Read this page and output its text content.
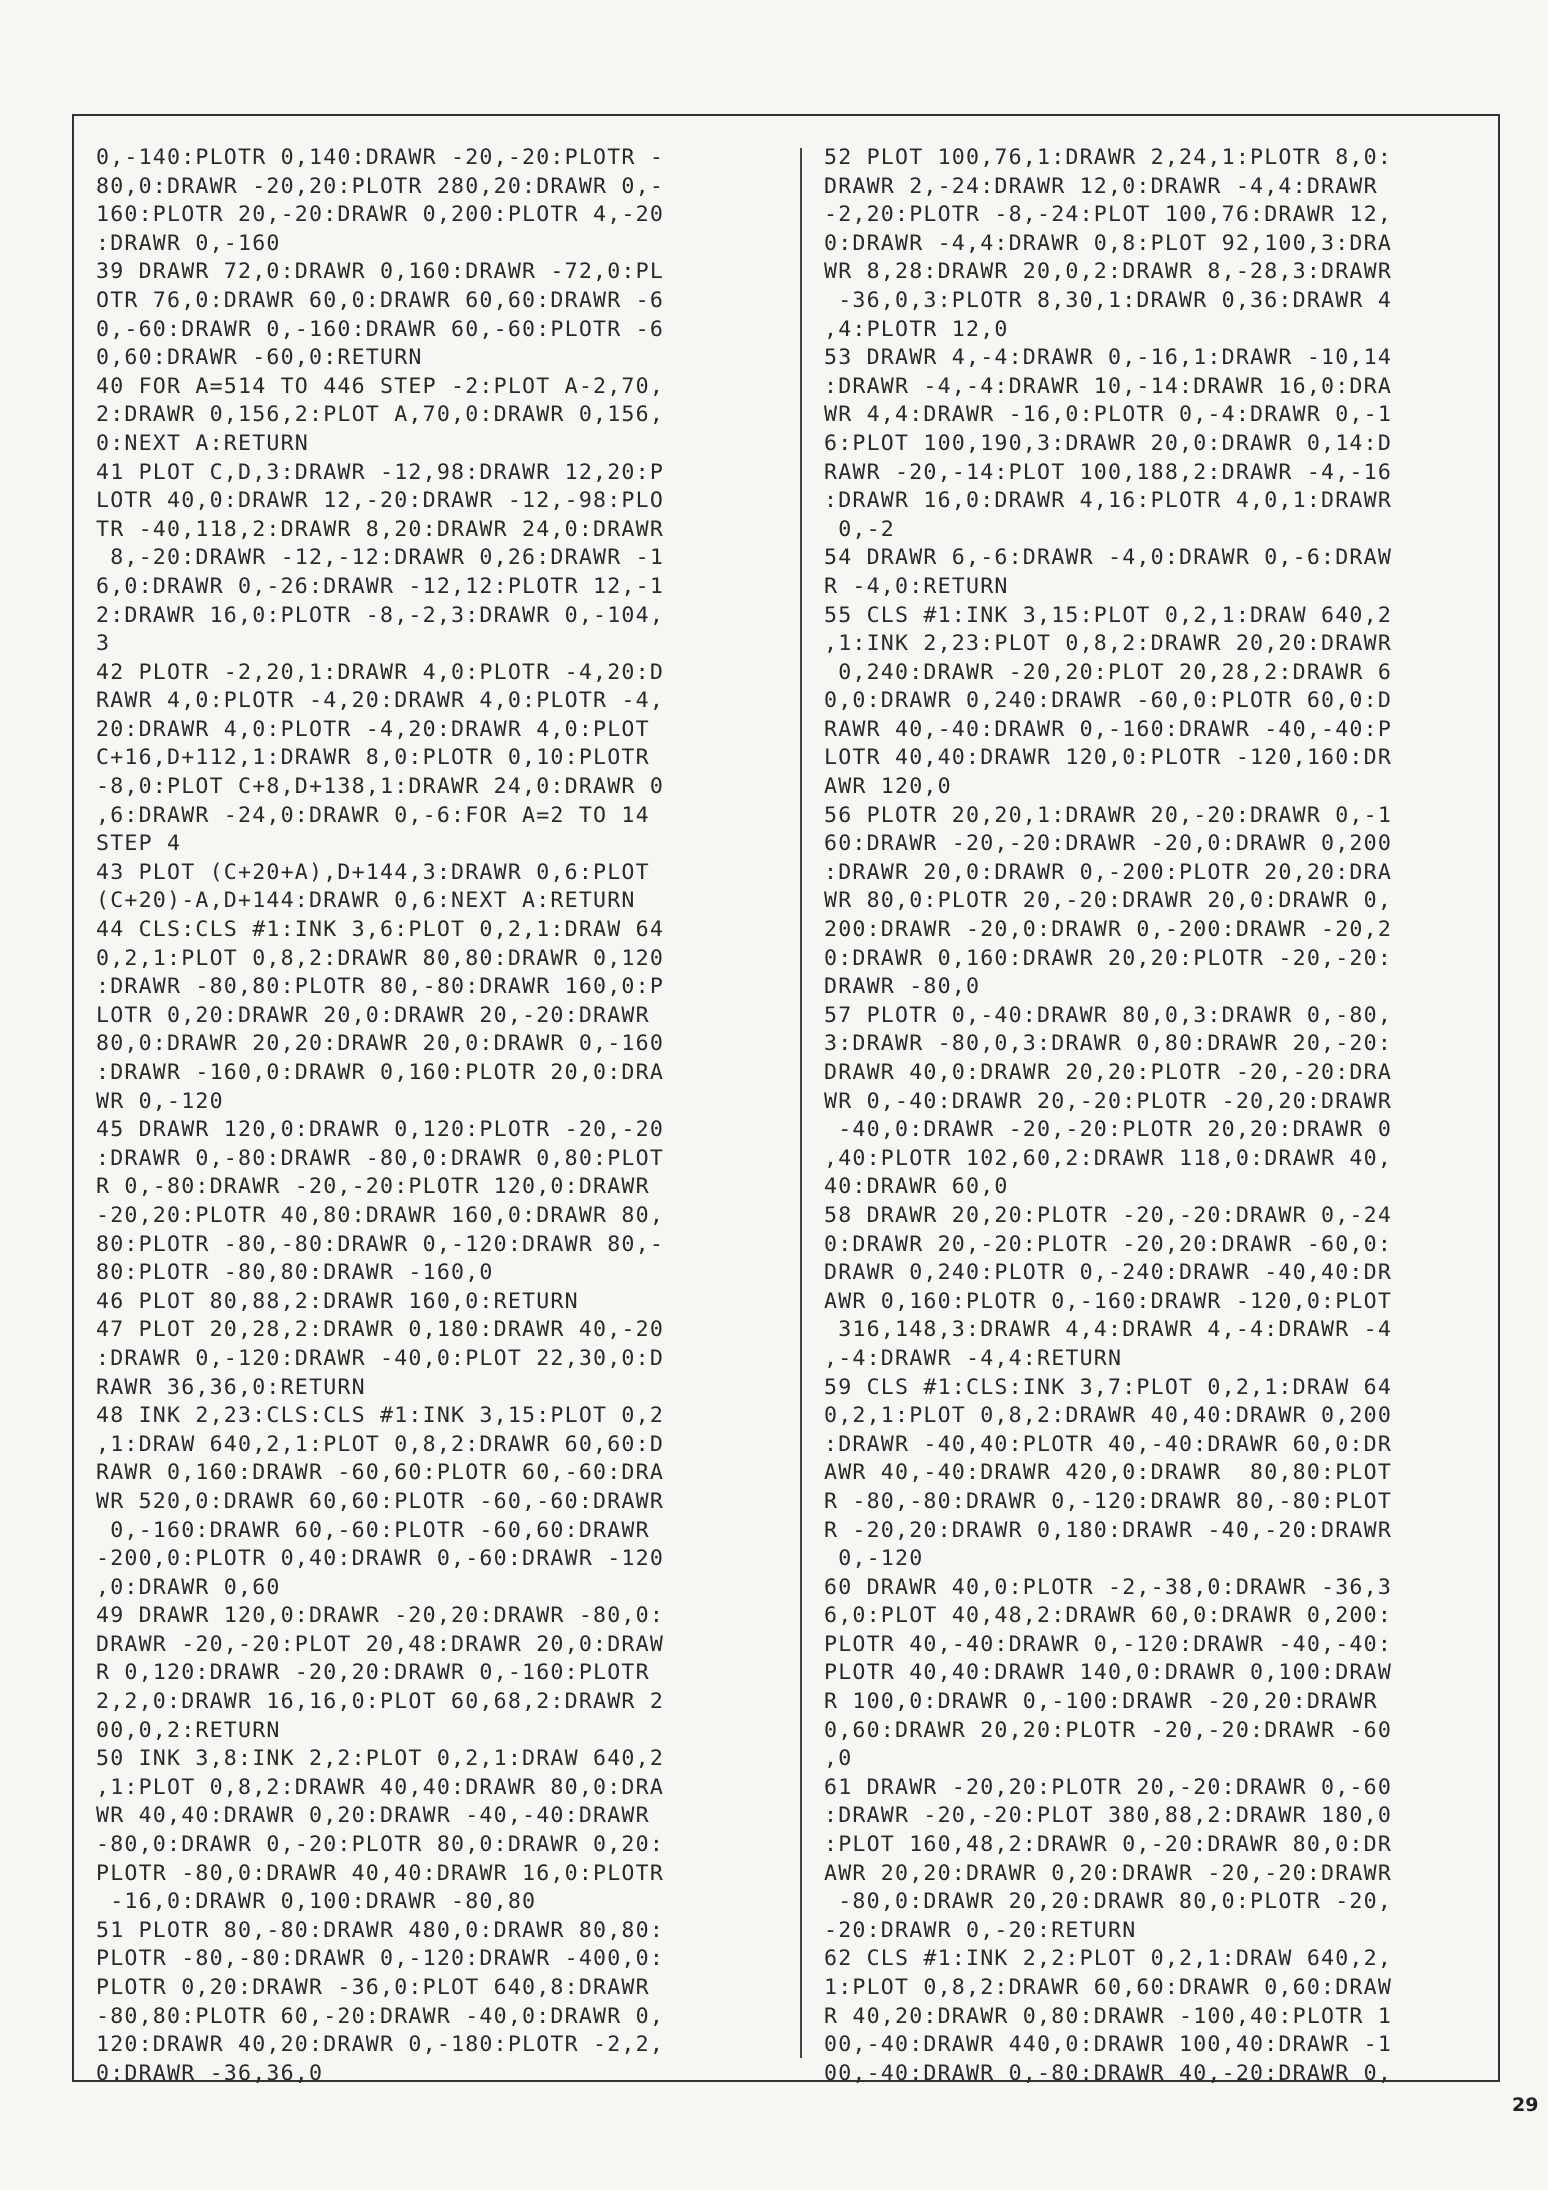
0,-140:PLOTR 0,140:DRAWR -20,-20:PLOTR -
80,0:DRAWR -20,20:PLOTR 280,20:DRAWR 0,-
160:PLOTR 20,-20:DRAWR 0,200:PLOTR 4,-20
:DRAWR 0,-160
39 DRAWR 72,0:DRAWR 0,160:DRAWR -72,0:PL
OTR 76,0:DRAWR 60,0:DRAWR 60,60:DRAWR -6
0,-60:DRAWR 0,-160:DRAWR 60,-60:PLOTR -6
0,60:DRAWR -60,0:RETURN
40 FOR A=514 TO 446 STEP -2:PLOT A-2,70,
2:DRAWR 0,156,2:PLOT A,70,0:DRAWR 0,156,
0:NEXT A:RETURN
41 PLOT C,D,3:DRAWR -12,98:DRAWR 12,20:P
LOTR 40,0:DRAWR 12,-20:DRAWR -12,-98:PLO
TR -40,118,2:DRAWR 8,20:DRAWR 24,0:DRAWR
8,-20:DRAWR -12,-12:DRAWR 0,26:DRAWR -1
6,0:DRAWR 0,-26:DRAWR -12,12:PLOTR 12,-1
2:DRAWR 16,0:PLOTR -8,-2,3:DRAWR 0,-104,
3
42 PLOTR -2,20,1:DRAWR 4,0:PLOTR -4,20:D
RAWR 4,0:PLOTR -4,20:DRAWR 4,0:PLOTR -4,
20:DRAWR 4,0:PLOTR -4,20:DRAWR 4,0:PLOT
C+16,D+112,1:DRAWR 8,0:PLOTR 0,10:PLOTR
-8,0:PLOT C+8,D+138,1:DRAWR 24,0:DRAWR 0
,6:DRAWR -24,0:DRAWR 0,-6:FOR A=2 TO 14
STEP 4
43 PLOT (C+20+A),D+144,3:DRAWR 0,6:PLOT
(C+20)-A,D+144:DRAWR 0,6:NEXT A:RETURN
44 CLS:CLS #1:INK 3,6:PLOT 0,2,1:DRAW 64
0,2,1:PLOT 0,8,2:DRAWR 80,80:DRAWR 0,120
:DRAWR -80,80:PLOTR 80,-80:DRAWR 160,0:P
LOTR 0,20:DRAWR 20,0:DRAWR 20,-20:DRAWR
80,0:DRAWR 20,20:DRAWR 20,0:DRAWR 0,-160
:DRAWR -160,0:DRAWR 0,160:PLOTR 20,0:DRA
WR 0,-120
45 DRAWR 120,0:DRAWR 0,120:PLOTR -20,-20
:DRAWR 0,-80:DRAWR -80,0:DRAWR 0,80:PLOT
R 0,-80:DRAWR -20,-20:PLOTR 120,0:DRAWR
-20,20:PLOTR 40,80:DRAWR 160,0:DRAWR 80,
80:PLOTR -80,-80:DRAWR 0,-120:DRAWR 80,-
80:PLOTR -80,80:DRAWR -160,0
46 PLOT 80,88,2:DRAWR 160,0:RETURN
47 PLOT 20,28,2:DRAWR 0,180:DRAWR 40,-20
:DRAWR 0,-120:DRAWR -40,0:PLOT 22,30,0:D
RAWR 36,36,0:RETURN
48 INK 2,23:CLS:CLS #1:INK 3,15:PLOT 0,2
,1:DRAW 640,2,1:PLOT 0,8,2:DRAWR 60,60:D
RAWR 0,160:DRAWR -60,60:PLOTR 60,-60:DRA
WR 520,0:DRAWR 60,60:PLOTR -60,-60:DRAWR
0,-160:DRAWR 60,-60:PLOTR -60,60:DRAWR
-200,0:PLOTR 0,40:DRAWR 0,-60:DRAWR -120
,0:DRAWR 0,60
49 DRAWR 120,0:DRAWR -20,20:DRAWR -80,0:
DRAWR -20,-20:PLOT 20,48:DRAWR 20,0:DRAW
R 0,120:DRAWR -20,20:DRAWR 0,-160:PLOTR
2,2,0:DRAWR 16,16,0:PLOT 60,68,2:DRAWR 2
00,0,2:RETURN
50 INK 3,8:INK 2,2:PLOT 0,2,1:DRAW 640,2
,1:PLOT 0,8,2:DRAWR 40,40:DRAWR 80,0:DRA
WR 40,40:DRAWR 0,20:DRAWR -40,-40:DRAWR
-80,0:DRAWR 0,-20:PLOTR 80,0:DRAWR 0,20:
PLOTR -80,0:DRAWR 40,40:DRAWR 16,0:PLOTR
-16,0:DRAWR 0,100:DRAWR -80,80
51 PLOTR 80,-80:DRAWR 480,0:DRAWR 80,80:
PLOTR -80,-80:DRAWR 0,-120:DRAWR -400,0:
PLOTR 0,20:DRAWR -36,0:PLOT 640,8:DRAWR
-80,80:PLOTR 60,-20:DRAWR -40,0:DRAWR 0,
120:DRAWR 40,20:DRAWR 0,-180:PLOTR -2,2,
0:DRAWR -36,36,0
52 PLOT 100,76,1:DRAWR 2,24,1:PLOTR 8,0:
DRAWR 2,-24:DRAWR 12,0:DRAWR -4,4:DRAWR
-2,20:PLOTR -8,-24:PLOT 100,76:DRAWR 12,
0:DRAWR -4,4:DRAWR 0,8:PLOT 92,100,3:DRA
WR 8,28:DRAWR 20,0,2:DRAWR 8,-28,3:DRAWR
-36,0,3:PLOTR 8,30,1:DRAWR 0,36:DRAWR 4
,4:PLOTR 12,0
53 DRAWR 4,-4:DRAWR 0,-16,1:DRAWR -10,14
:DRAWR -4,-4:DRAWR 10,-14:DRAWR 16,0:DRA
WR 4,4:DRAWR -16,0:PLOTR 0,-4:DRAWR 0,-1
6:PLOT 100,190,3:DRAWR 20,0:DRAWR 0,14:D
RAWR -20,-14:PLOT 100,188,2:DRAWR -4,-16
:DRAWR 16,0:DRAWR 4,16:PLOTR 4,0,1:DRAWR
0,-2
54 DRAWR 6,-6:DRAWR -4,0:DRAWR 0,-6:DRAW
R -4,0:RETURN
55 CLS #1:INK 3,15:PLOT 0,2,1:DRAW 640,2
,1:INK 2,23:PLOT 0,8,2:DRAWR 20,20:DRAWR
0,240:DRAWR -20,20:PLOT 20,28,2:DRAWR 6
0,0:DRAWR 0,240:DRAWR -60,0:PLOTR 60,0:D
RAWR 40,-40:DRAWR 0,-160:DRAWR -40,-40:P
LOTR 40,40:DRAWR 120,0:PLOTR -120,160:DR
AWR 120,0
56 PLOTR 20,20,1:DRAWR 20,-20:DRAWR 0,-1
60:DRAWR -20,-20:DRAWR -20,0:DRAWR 0,200
:DRAWR 20,0:DRAWR 0,-200:PLOTR 20,20:DRA
WR 80,0:PLOTR 20,-20:DRAWR 20,0:DRAWR 0,
200:DRAWR -20,0:DRAWR 0,-200:DRAWR -20,2
0:DRAWR 0,160:DRAWR 20,20:PLOTR -20,-20:
DRAWR -80,0
57 PLOTR 0,-40:DRAWR 80,0,3:DRAWR 0,-80,
3:DRAWR -80,0,3:DRAWR 0,80:DRAWR 20,-20:
DRAWR 40,0:DRAWR 20,20:PLOTR -20,-20:DRA
WR 0,-40:DRAWR 20,-20:PLOTR -20,20:DRAWR
-40,0:DRAWR -20,-20:PLOTR 20,20:DRAWR 0
,40:PLOTR 102,60,2:DRAWR 118,0:DRAWR 40,
40:DRAWR 60,0
58 DRAWR 20,20:PLOTR -20,-20:DRAWR 0,-24
0:DRAWR 20,-20:PLOTR -20,20:DRAWR -60,0:
DRAWR 0,240:PLOTR 0,-240:DRAWR -40,40:DR
AWR 0,160:PLOTR 0,-160:DRAWR -120,0:PLOT
316,148,3:DRAWR 4,4:DRAWR 4,-4:DRAWR -4
,-4:DRAWR -4,4:RETURN
59 CLS #1:CLS:INK 3,7:PLOT 0,2,1:DRAW 64
0,2,1:PLOT 0,8,2:DRAWR 40,40:DRAWR 0,200
:DRAWR -40,40:PLOTR 40,-40:DRAWR 60,0:DR
AWR 40,-40:DRAWR 420,0:DRAWR  80,80:PLOT
R -80,-80:DRAWR 0,-120:DRAWR 80,-80:PLOT
R -20,20:DRAWR 0,180:DRAWR -40,-20:DRAWR
0,-120
60 DRAWR 40,0:PLOTR -2,-38,0:DRAWR -36,3
6,0:PLOT 40,48,2:DRAWR 60,0:DRAWR 0,200:
PLOTR 40,-40:DRAWR 0,-120:DRAWR -40,-40:
PLOTR 40,40:DRAWR 140,0:DRAWR 0,100:DRAW
R 100,0:DRAWR 0,-100:DRAWR -20,20:DRAWR
0,60:DRAWR 20,20:PLOTR -20,-20:DRAWR -60
,0
61 DRAWR -20,20:PLOTR 20,-20:DRAWR 0,-60
:DRAWR -20,-20:PLOT 380,88,2:DRAWR 180,0
:PLOT 160,48,2:DRAWR 0,-20:DRAWR 80,0:DR
AWR 20,20:DRAWR 0,20:DRAWR -20,-20:DRAWR
-80,0:DRAWR 20,20:DRAWR 80,0:PLOTR -20,
-20:DRAWR 0,-20:RETURN
62 CLS #1:INK 2,2:PLOT 0,2,1:DRAW 640,2,
1:PLOT 0,8,2:DRAWR 60,60:DRAWR 0,60:DRAW
R 40,20:DRAWR 0,80:DRAWR -100,40:PLOTR 1
00,-40:DRAWR 440,0:DRAWR 100,40:DRAWR -1
00,-40:DRAWR 0,-80:DRAWR 40,-20:DRAWR 0,
29
